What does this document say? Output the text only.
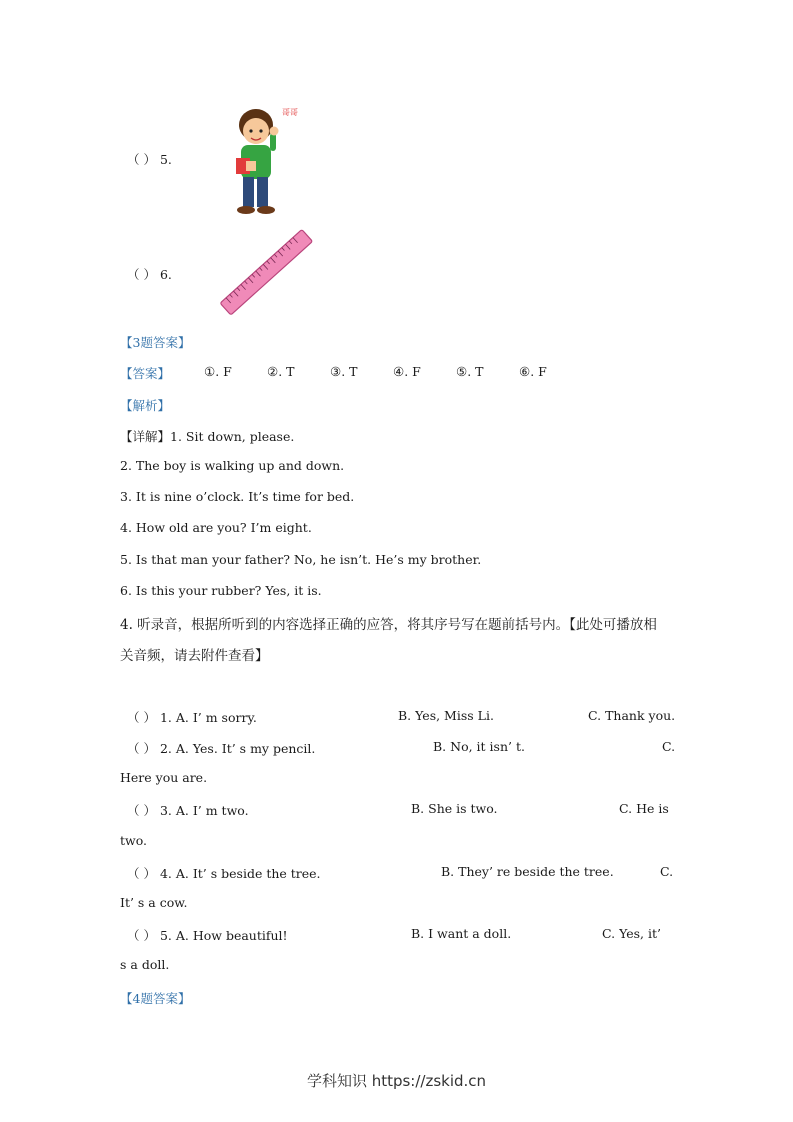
（ ） 5.
哥哥
（ ） 6.
【3题答案】
【答案】	①. F	②. T	③. T	④. F	⑤. T	⑥. F
【解析】
【详解】1. Sit down, please.
2. The boy is walking up and down.
3. It is nine o’clock. It’s time for bed.
4. How old are you? I’m eight.
5. Is that man your father? No, he isn’t. He’s my brother.
6. Is this your rubber? Yes, it is.
4. 听录音，根据所听到的内容选择正确的应答，将其序号写在题前括号内。【此处可播放相
关音频，请去附件查看】
（ ） 1. A. I’ m sorry.	B. Yes, Miss Li.	C. Thank you.
（ ） 2. A. Yes. It’ s my pencil.	B. No, it isn’ t.	C.
Here you are.
（ ） 3. A. I’ m two.	B. She is two.	C. He is
two.
（ ） 4. A. It’ s beside the tree.	B. They’ re beside the tree.	C.
It’ s a cow.
（ ） 5. A. How beautiful!	B. I want a doll.	C. Yes, it’
s a doll.
【4题答案】
学科知识 https://zskid.cn
